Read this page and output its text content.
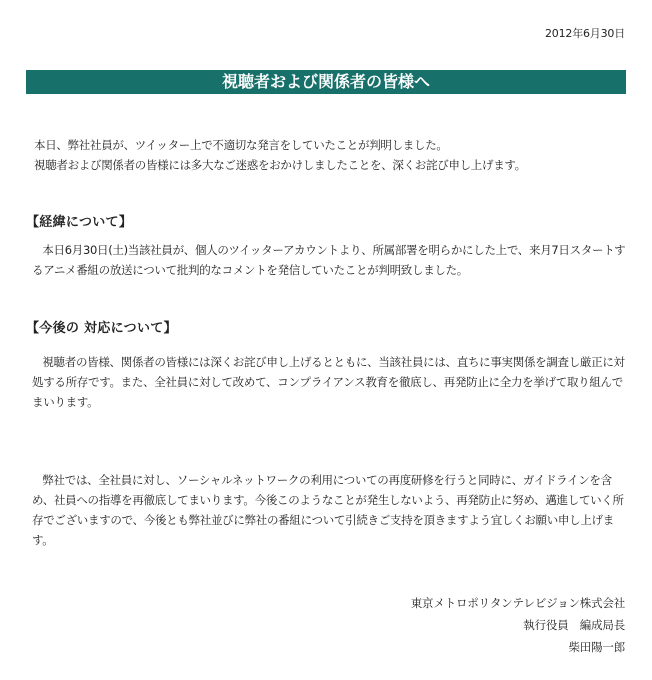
2012年6月30日
視聴者および関係者の皆様へ

本日、弊社社員が、ツイッター上で不適切な発言をしていたことが判明しました。

視聴者および関係者の皆様には多大なご迷惑をおかけしましたことを、深くお詫び申し上げます。

【経緯について】
本日6月30日(土)当該社員が、個人のツイッターアカウントより、所属部署を明らかにした上で、来月7日スタートするアニメ番組の放送について批判的なコメントを発信していたことが判明致しました。
【今後の 対応について】
視聴者の皆様、関係者の皆様には深くお詫び申し上げるとともに、当該社員には、直ちに事実関係を調査し厳正に対処する所存です。また、全社員に対して改めて、コンプライアンス教育を徹底し、再発防止に全力を挙げて取り組んでまいります。
弊社では、全社員に対し、ソーシャルネットワークの利用についての再度研修を行うと同時に、ガイドラインを含め、社員への指導を再徹底してまいります。今後このようなことが発生しないよう、再発防止に努め、邁進していく所存でございますので、今後とも弊社並びに弊社の番組について引続きご支持を頂きますよう宜しくお願い申し上げます。
東京メトロポリタンテレビジョン株式会社
執行役員　編成局長
柴田陽一郎
